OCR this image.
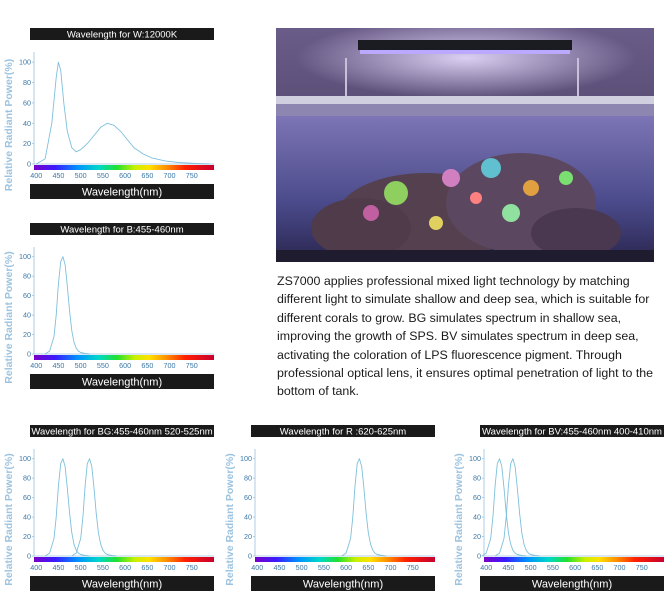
Wavelength for W:12000K
0
20
40
60
80
100
400 450 500 550 600 650 700 750
Wavelength(nm)
Relative Radiant Power(%)
Wavelength for B:455-460nm
0
20
40
60
80
100
400 450 500 550 600 650 700 750
Wavelength(nm)
Relative Radiant Power(%)
Wavelength for BG:455-460nm 520-525nm
0
20
40
60
80
100
400 450 500 550 600 650 700 750
Wavelength(nm)
Relative Radiant Power(%)
Wavelength for R :620-625nm
0
20
40
60
80
100
400 450 500 550 600 650 700 750
Wavelength(nm)
Relative Radiant Power(%)
Wavelength for BV:455-460nm 400-410nm
0
20
40
60
80
100
400 450 500 550 600 650 700 750
Wavelength(nm)
Relative Radiant Power(%)

ZS7000 applies professional mixed light technology by matching different light to simulate shallow and deep sea, which is suitable for different corals to grow. BG simulates spectrum in shallow sea, improving the growth of SPS. BV simulates spectrum in deep sea, activating the coloration of LPS fluorescence pigment. Through professional optical lens, it ensures optimal penetration of light to the bottom of tank.
